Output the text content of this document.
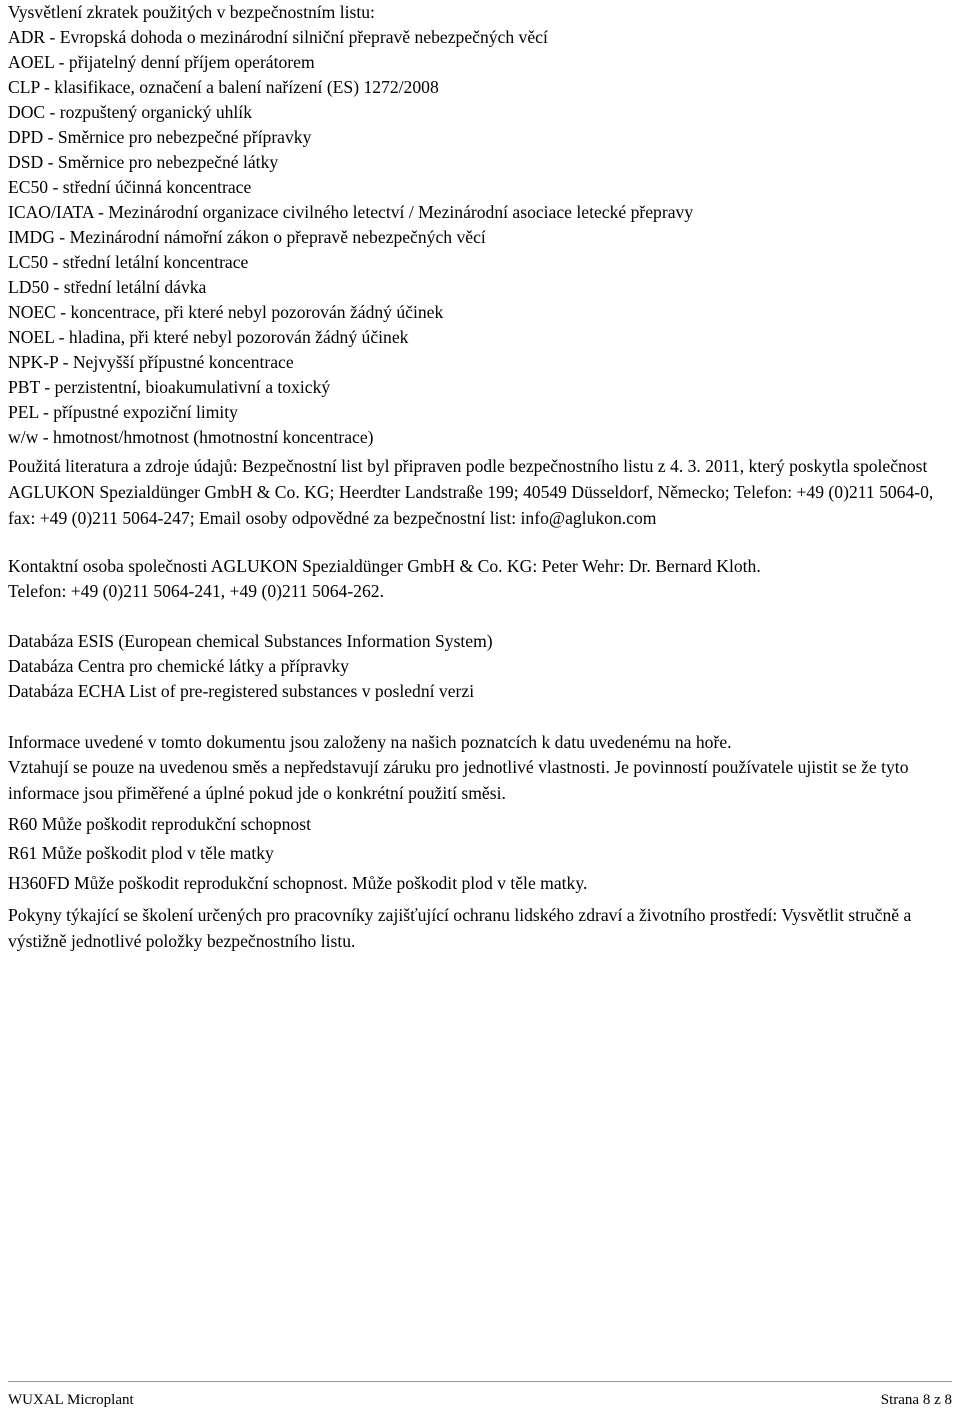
Vysvětlení zkratek použitých v bezpečnostním listu:
ADR - Evropská dohoda o mezinárodní silniční přepravě nebezpečných věcí
AOEL - přijatelný denní příjem operátorem
CLP - klasifikace, označení a balení nařízení (ES) 1272/2008
DOC - rozpuštený organický uhlík
DPD - Směrnice pro nebezpečné přípravky
DSD - Směrnice pro nebezpečné látky
EC50 - střední účinná koncentrace
ICAO/IATA - Mezinárodní organizace civilného letectví / Mezinárodní asociace letecké přepravy
IMDG - Mezinárodní námořní zákon o přepravě nebezpečných věcí
LC50 - střední letální koncentrace
LD50 - střední letální dávka
NOEC - koncentrace, při které nebyl pozorován žádný účinek
NOEL - hladina, při které nebyl pozorován žádný účinek
NPK-P - Nejvyšší přípustné koncentrace
PBT - perzistentní, bioakumulativní a toxický
PEL - přípustné expoziční limity
w/w - hmotnost/hmotnost (hmotnostní koncentrace)
Použitá literatura a zdroje údajů: Bezpečnostní list byl připraven podle bezpečnostního listu z 4. 3. 2011, který poskytla společnost AGLUKON Spezialdünger GmbH & Co. KG; Heerdter Landstraße 199; 40549 Düsseldorf, Německo; Telefon: +49 (0)211 5064-0, fax: +49 (0)211 5064-247; Email osoby odpovědné za bezpečnostní list: info@aglukon.com
Kontaktní osoba společnosti AGLUKON Spezialdünger GmbH & Co. KG: Peter Wehr: Dr. Bernard Kloth.
Telefon: +49 (0)211 5064-241, +49 (0)211 5064-262.
Databáza ESIS (European chemical Substances Information System)
Databáza Centra pro chemické látky a přípravky
Databáza ECHA List of pre-registered substances v poslední verzi
Informace uvedené v tomto dokumentu jsou založeny na našich poznatcích k datu uvedenému na hoře.
Vztahují se pouze na uvedenou směs a nepředstavují záruku pro jednotlivé vlastnosti. Je povinností používatele ujistit se že tyto informace jsou přiměřené a úplné pokud jde o konkrétní použití směsi.
R60 Může poškodit reprodukční schopnost
R61 Může poškodit plod v těle matky
H360FD Může poškodit reprodukční schopnost. Může poškodit plod v těle matky.
Pokyny týkající se školení určených pro pracovníky zajišťující ochranu lidského zdraví a životního prostředí: Vysvětlit stručně a výstižně jednotlivé položky bezpečnostního listu.
WUXAL Microplant	Strana 8 z 8
